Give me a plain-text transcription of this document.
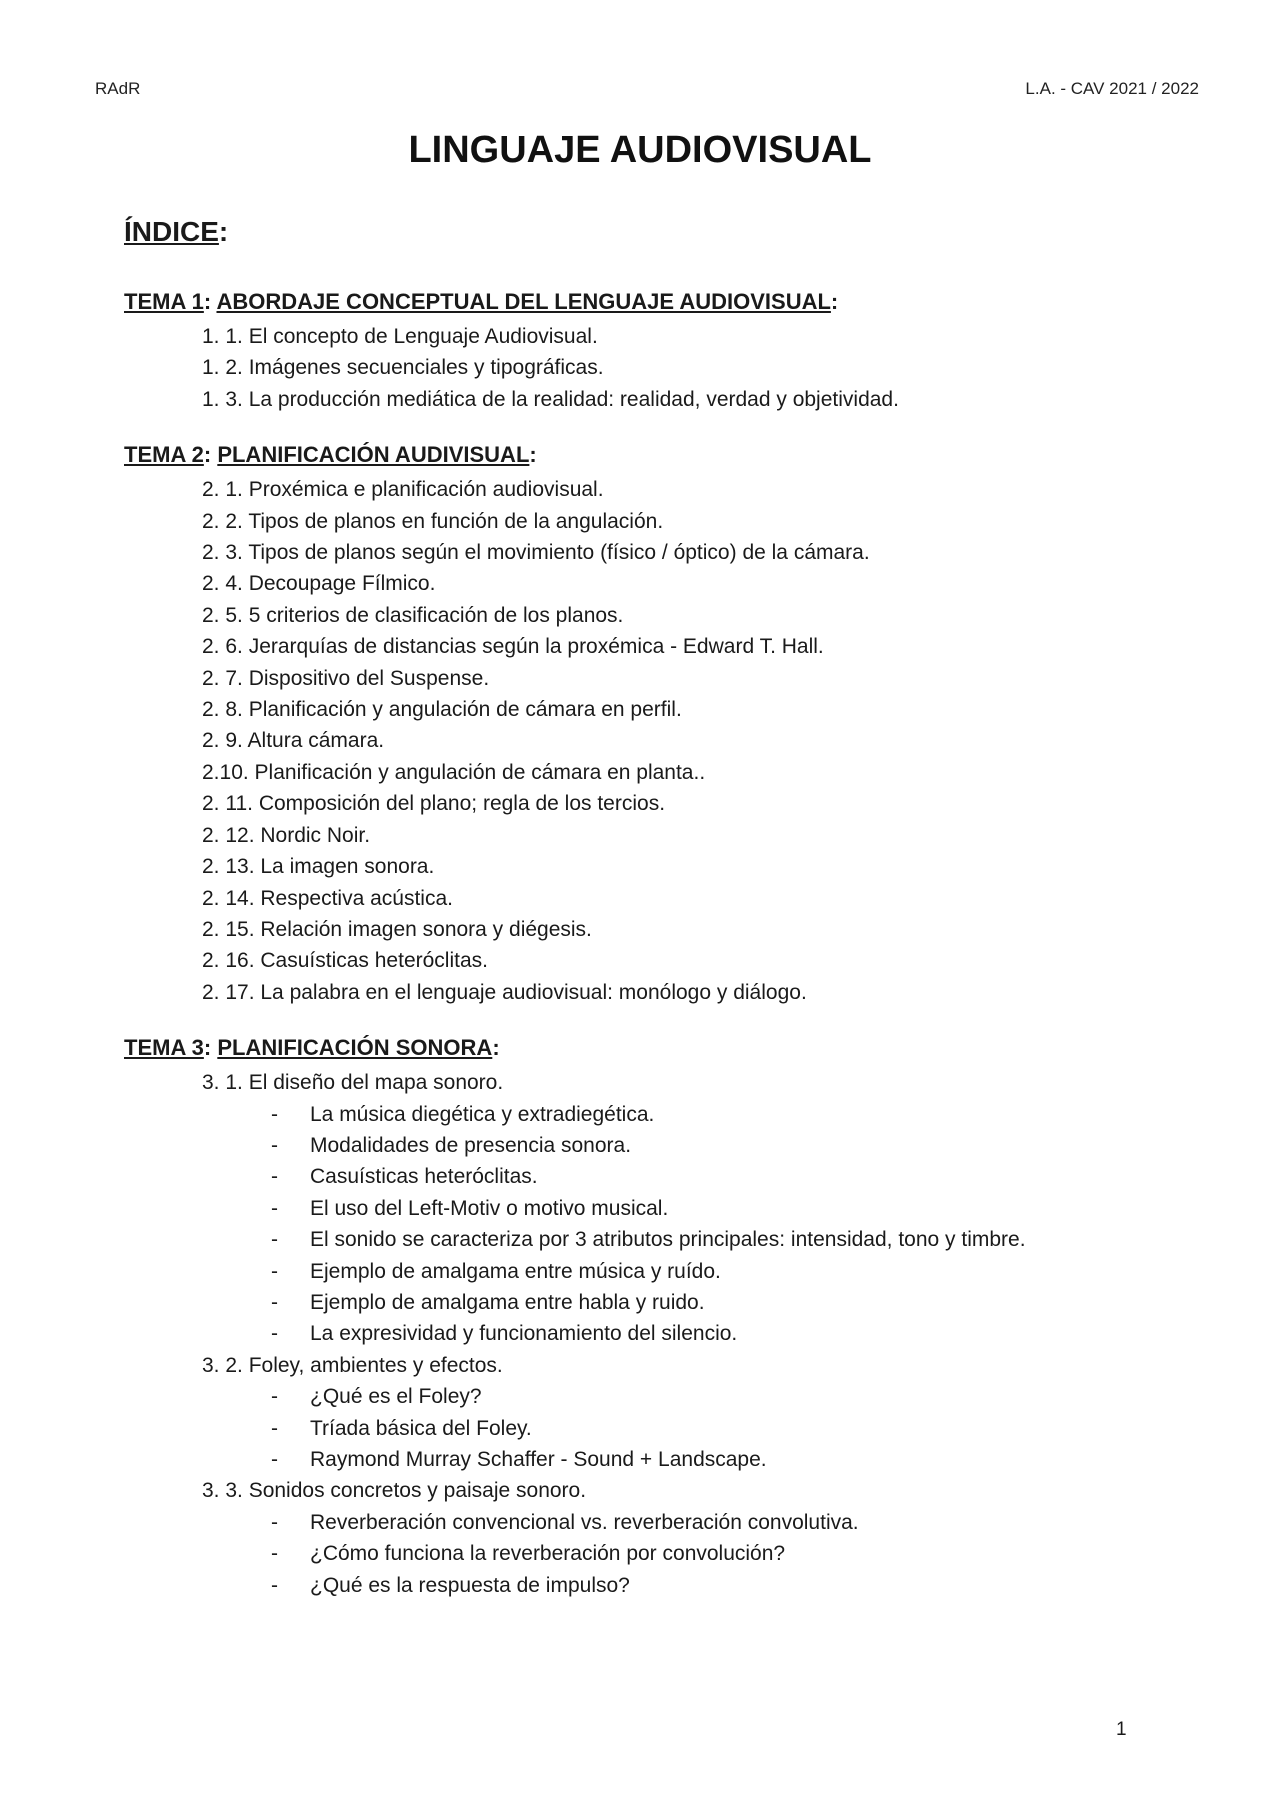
RAdR	L.A. - CAV 2021 / 2022
LINGUAJE AUDIOVISUAL
ÍNDICE:
TEMA 1: ABORDAJE CONCEPTUAL DEL LENGUAJE AUDIOVISUAL:
1. 1. El concepto de Lenguaje Audiovisual.
1. 2. Imágenes secuenciales y tipográficas.
1. 3. La producción mediática de la realidad: realidad, verdad y objetividad.
TEMA 2: PLANIFICACIÓN AUDIVISUAL:
2. 1. Proxémica e planificación audiovisual.
2. 2. Tipos de planos en función de la angulación.
2. 3. Tipos de planos según el movimiento (físico / óptico) de la cámara.
2. 4. Decoupage Fílmico.
2. 5. 5 criterios de clasificación de los planos.
2. 6. Jerarquías de distancias según la proxémica - Edward T. Hall.
2. 7. Dispositivo del Suspense.
2. 8. Planificación y angulación de cámara en perfil.
2. 9. Altura cámara.
2.10. Planificación y angulación de cámara en planta..
2. 11. Composición del plano; regla de los tercios.
2. 12. Nordic Noir.
2. 13. La imagen sonora.
2. 14. Respectiva acústica.
2. 15. Relación imagen sonora y diégesis.
2. 16. Casuísticas heteróclitas.
2. 17. La palabra en el lenguaje audiovisual: monólogo y diálogo.
TEMA 3: PLANIFICACIÓN SONORA:
3. 1. El diseño del mapa sonoro.
- La música diegética y extradiegética.
- Modalidades de presencia sonora.
- Casuísticas heteróclitas.
- El uso del Left-Motiv o motivo musical.
- El sonido se caracteriza por 3 atributos principales: intensidad, tono y timbre.
- Ejemplo de amalgama entre música y ruído.
- Ejemplo de amalgama entre habla y ruido.
- La expresividad y funcionamiento del silencio.
3. 2. Foley, ambientes y efectos.
- ¿Qué es el Foley?
- Tríada básica del Foley.
- Raymond Murray Schaffer - Sound + Landscape.
3. 3. Sonidos concretos y paisaje sonoro.
- Reverberación convencional vs. reverberación convolutiva.
- ¿Cómo funciona la reverberación por convolución?
- ¿Qué es la respuesta de impulso?
1
